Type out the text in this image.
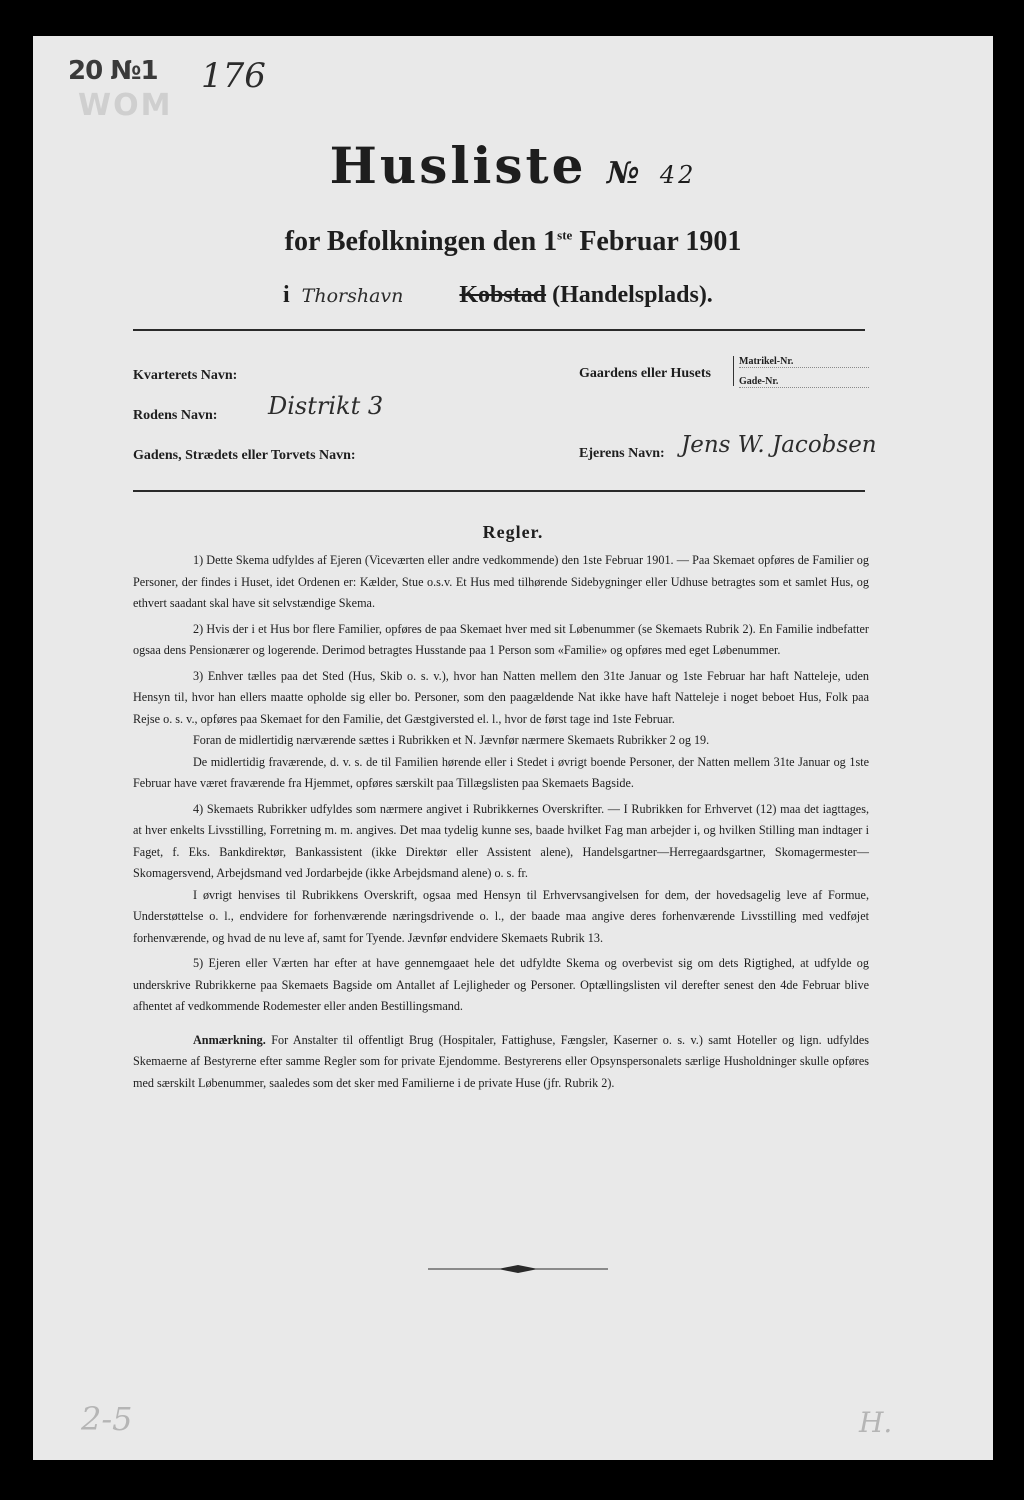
20 №1
WOM
176
Husliste № 42
for Befolkningen den 1ste Februar 1901
i Thorshavn Kobstad (Handelsplads).
Kvarterets Navn:
Rodens Navn: Distrikt 3
Gadens, Strædets eller Torvets Navn:
Gaardens eller Husets
Matrikel-Nr.
Gade-Nr.
Ejerens Navn: Jens W. Jacobsen
Regler.

1) Dette Skema udfyldes af Ejeren (Viceværten eller andre vedkommende) den 1ste Februar 1901. — Paa Skemaet opføres de Familier og Personer, der findes i Huset, idet Ordenen er: Kælder, Stue o.s.v. Et Hus med tilhørende Sidebygninger eller Udhuse betragtes som et samlet Hus, og ethvert saadant skal have sit selvstændige Skema.

2) Hvis der i et Hus bor flere Familier, opføres de paa Skemaet hver med sit Løbenummer (se Skemaets Rubrik 2). En Familie indbefatter ogsaa dens Pensionærer og logerende. Derimod betragtes Husstande paa 1 Person som «Familie» og opføres med eget Løbenummer.

3) Enhver tælles paa det Sted (Hus, Skib o. s. v.), hvor han Natten mellem den 31te Januar og 1ste Februar har haft Natteleje, uden Hensyn til, hvor han ellers maatte opholde sig eller bo. Personer, som den paagældende Nat ikke have haft Natteleje i noget beboet Hus, Folk paa Rejse o. s. v., opføres paa Skemaet for den Familie, det Gæstgiversted el. l., hvor de først tage ind 1ste Februar.

Foran de midlertidig nærværende sættes i Rubrikken et N. Jævnfør nærmere Skemaets Rubrikker 2 og 19.

De midlertidig fraværende, d. v. s. de til Familien hørende eller i Stedet i øvrigt boende Personer, der Natten mellem 31te Januar og 1ste Februar have været fraværende fra Hjemmet, opføres særskilt paa Tillægslisten paa Skemaets Bagside.

4) Skemaets Rubrikker udfyldes som nærmere angivet i Rubrikkernes Overskrifter. — I Rubrikken for Erhvervet (12) maa det iagttages, at hver enkelts Livsstilling, Forretning m. m. angives. Det maa tydelig kunne ses, baade hvilket Fag man arbejder i, og hvilken Stilling man indtager i Faget, f. Eks. Bankdirektør, Bankassistent (ikke Direktør eller Assistent alene), Handelsgartner—Herregaardsgartner, Skomagermester—Skomagersvend, Arbejdsmand ved Jordarbejde (ikke Arbejdsmand alene) o. s. fr.

I øvrigt henvises til Rubrikkens Overskrift, ogsaa med Hensyn til Erhvervsangivelsen for dem, der hovedsagelig leve af Formue, Understøttelse o. l., endvidere for forhenværende næringsdrivende o. l., der baade maa angive deres forhenværende Livsstilling med vedføjet forhenværende, og hvad de nu leve af, samt for Tyende. Jævnfør endvidere Skemaets Rubrik 13.

5) Ejeren eller Værten har efter at have gennemgaaet hele det udfyldte Skema og overbevist sig om dets Rigtighed, at udfylde og underskrive Rubrikkerne paa Skemaets Bagside om Antallet af Lejligheder og Personer. Optællingslisten vil derefter senest den 4de Februar blive afhentet af vedkommende Rodemester eller anden Bestillingsmand.

Anmærkning. For Anstalter til offentligt Brug (Hospitaler, Fattighuse, Fængsler, Kaserner o. s. v.) samt Hoteller og lign. udfyldes Skemaerne af Bestyrerne efter samme Regler som for private Ejendomme. Bestyrerens eller Opsynspersonalets særlige Husholdninger skulle opføres med særskilt Løbenummer, saaledes som det sker med Familierne i de private Huse (jfr. Rubrik 2).

2-5	H.
